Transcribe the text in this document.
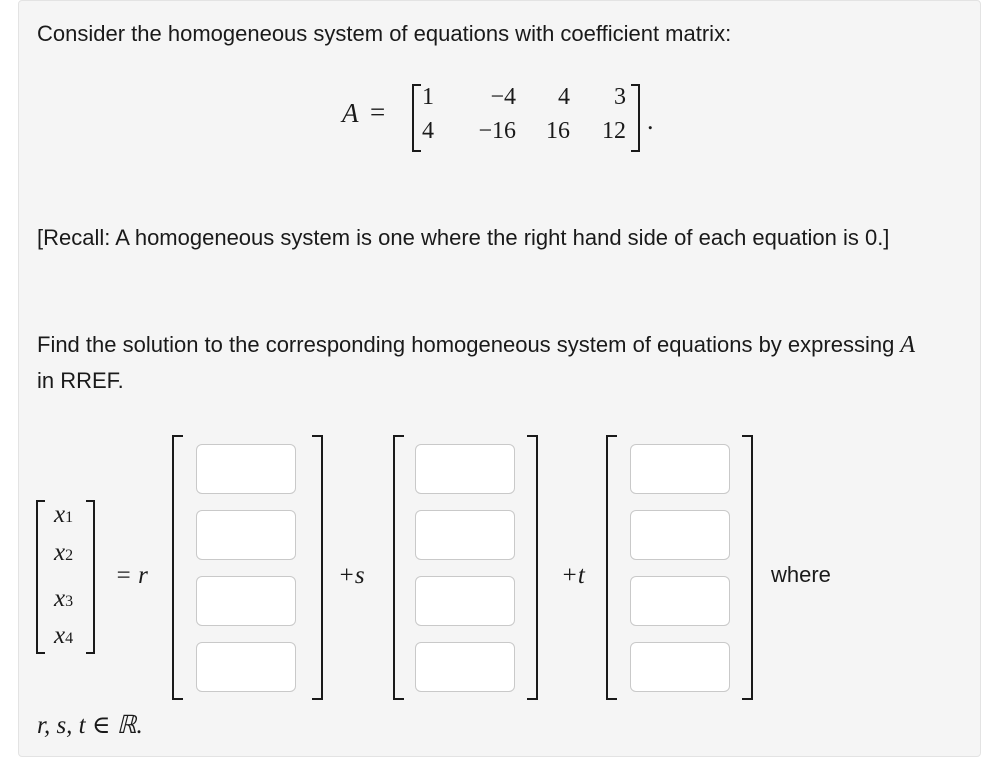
Consider the homogeneous system of equations with coefficient matrix:

A =	1	−4	4	3
4	−16	16	12 .

[Recall: A homogeneous system is one where the right hand side of each equation is 0.]

Find the solution to the corresponding homogeneous system of equations by expressing A in RREF.

x1
x2
x3
x4
= r	+s	+t	where
r, s, t ∈ ℝ.
